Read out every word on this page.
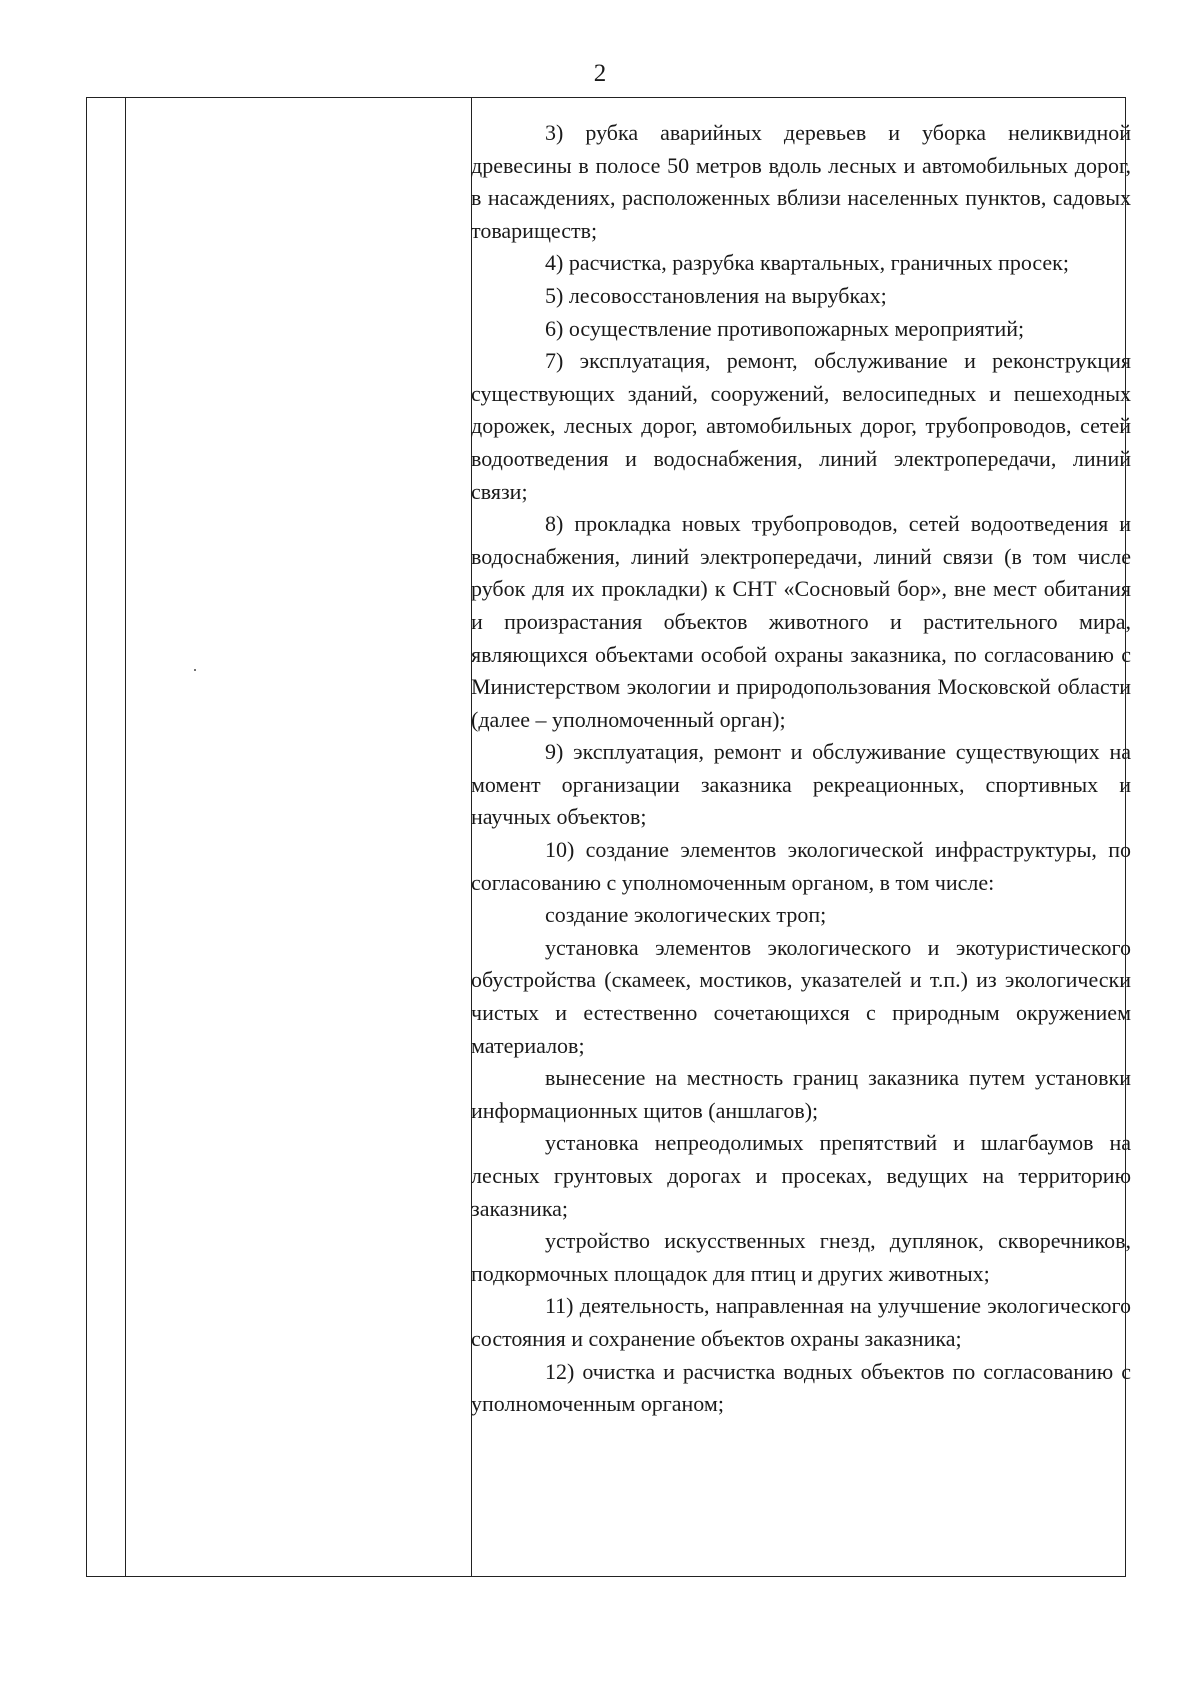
2

3) рубка аварийных деревьев и уборка неликвидной древесины в полосе 50 метров вдоль лесных и автомобильных дорог, в насаждениях, расположенных вблизи населенных пунктов, садовых товариществ;

4) расчистка, разрубка квартальных, граничных просек;

5) лесовосстановления на вырубках;

6) осуществление противопожарных мероприятий;

7) эксплуатация, ремонт, обслуживание и реконструкция существующих зданий, сооружений, велосипедных и пешеходных дорожек, лесных дорог, автомобильных дорог, трубопроводов, сетей водоотведения и водоснабжения, линий электропередачи, линий связи;

8) прокладка новых трубопроводов, сетей водоотведения и водоснабжения, линий электропередачи, линий связи (в том числе рубок для их прокладки) к СНТ «Сосновый бор», вне мест обитания и произрастания объектов животного и растительного мира, являющихся объектами особой охраны заказника, по согласованию с Министерством экологии и природопользования Московской области (далее – уполномоченный орган);

9) эксплуатация, ремонт и обслуживание существующих на момент организации заказника рекреационных, спортивных и научных объектов;

10) создание элементов экологической инфраструктуры, по согласованию с уполномоченным органом, в том числе:

создание экологических троп;

установка элементов экологического и экотуристического обустройства (скамеек, мостиков, указателей и т.п.) из экологически чистых и естественно сочетающихся с природным окружением материалов;

вынесение на местность границ заказника путем установки информационных щитов (аншлагов);

установка непреодолимых препятствий и шлагбаумов на лесных грунтовых дорогах и просеках, ведущих на территорию заказника;

устройство искусственных гнезд, дуплянок, скворечников, подкормочных площадок для птиц и других животных;

11) деятельность, направленная на улучшение экологического состояния и сохранение объектов охраны заказника;

12) очистка и расчистка водных объектов по согласованию с уполномоченным органом;
